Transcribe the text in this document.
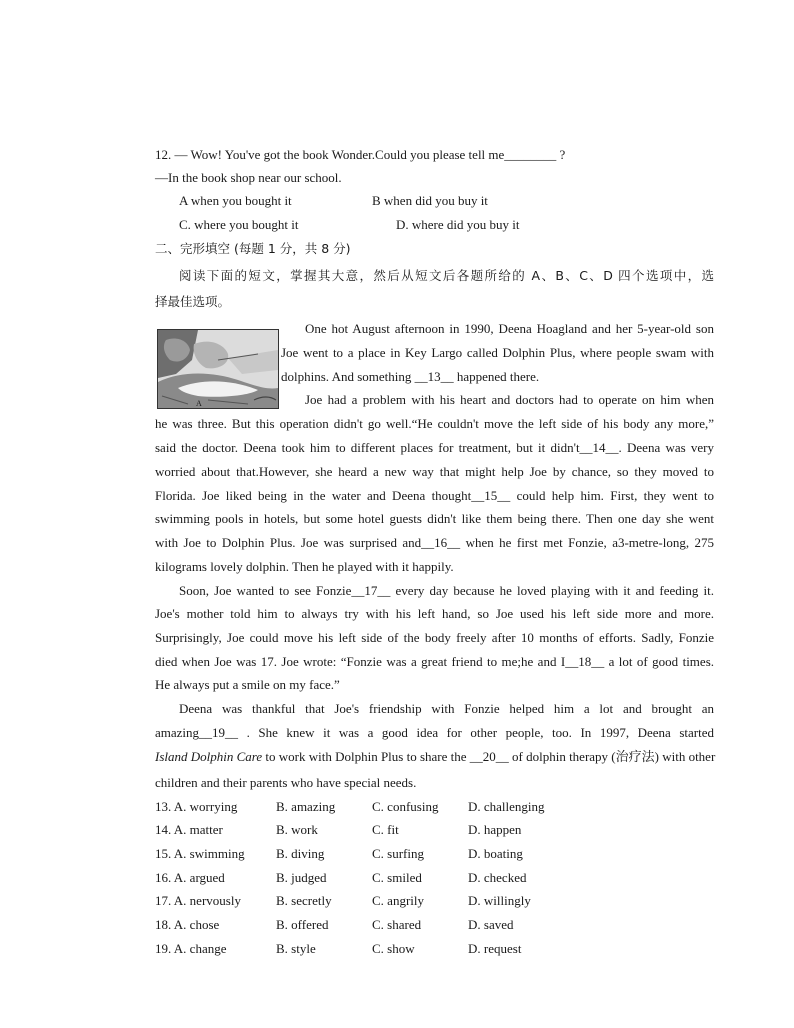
12. — Wow! You've got the book Wonder.Could you please tell me________ ?
—In the book shop near our school.
A when you bought it	B when did you buy it
C. where you bought it	D. where did you buy it
二、完形填空 (每题 1 分，共 8 分)
阅读下面的短文，掌握其大意，然后从短文后各题所给的 A、B、C、D 四个选项中，选
择最佳选项。
A
One hot August afternoon in 1990, Deena Hoagland and her 5-year-old son
Joe went to a place in Key Largo called Dolphin Plus, where people swam with
dolphins. And something __13__ happened there.
Joe had a problem with his heart and doctors had to operate on him when
he was three. But this operation didn't go well.“He couldn't move the left side of his body any more,”
said the doctor. Deena took him to different places for treatment, but it didn't__14__. Deena was very
worried about that.However, she heard a new way that might help Joe by chance, so they moved to
Florida. Joe liked being in the water and Deena thought__15__ could help him. First, they went to
swimming pools in hotels, but some hotel guests didn't like them being there. Then one day she went
with Joe to Dolphin Plus. Joe was surprised and__16__ when he first met Fonzie, a3-metre-long, 275
kilograms lovely dolphin. Then he played with it happily.
Soon, Joe wanted to see Fonzie__17__ every day because he loved playing with it and feeding it.
Joe's mother told him to always try with his left hand, so Joe used his left side more and more.
Surprisingly, Joe could move his left side of the body freely after 10 months of efforts. Sadly, Fonzie
died when Joe was 17. Joe wrote: “Fonzie was a great friend to me;he and I__18__ a lot of good times.
He always put a smile on my face.”
Deena was thankful that Joe's friendship with Fonzie helped him a lot and brought an
amazing__19__ . She knew it was a good idea for other people, too. In 1997, Deena started
Island Dolphin Care to work with Dolphin Plus to share the __20__ of dolphin therapy (治疗法) with other
children and their parents who have special needs.
13. A. worrying	B. amazing	C. confusing D. challenging
14. A. matter	B. work	C. fit	D. happen
15. A. swimming B. diving	C. surfing	D. boating
16. A. argued	B. judged	C. smiled	D. checked
17. A. nervously	B. secretly	C. angrily	D. willingly
18. A. chose	B. offered	C. shared	D. saved
19. A. change	B. style	C. show	D. request
